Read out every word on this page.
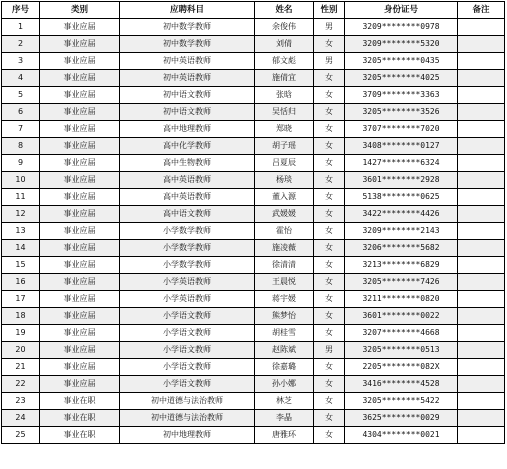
序号	类别	应聘科目	姓名	性别	身份证号	备注
1	事业应届	初中数学教师	余俊伟	男	3209********0978	
2	事业应届	初中数学教师	刘倩	女	3209********5320	
3	事业应届	初中英语教师	郁文彪	男	3205********0435	
4	事业应届	初中英语教师	施倩宜	女	3205********4025	
5	事业应届	初中语文教师	张晗	女	3709********3363	
6	事业应届	初中语文教师	吴恬归	女	3205********3526	
7	事业应届	高中地理教师	郑晓	女	3707********7020	
8	事业应届	高中化学教师	胡子瑶	女	3408********0127	
9	事业应届	高中生物教师	吕夏辰	女	1427********6324	
10	事业应届	高中英语教师	杨琰	女	3601********2928	
11	事业应届	高中英语教师	董入源	女	5138********0625	
12	事业应届	高中语文教师	武媛媛	女	3422********4426	
13	事业应届	小学数学教师	霍怡	女	3209********2143	
14	事业应届	小学数学教师	施凌薇	女	3206********5682	
15	事业应届	小学数学教师	徐清清	女	3213********6829	
16	事业应届	小学英语教师	王晨悦	女	3205********7426	
17	事业应届	小学英语教师	蒋宇媛	女	3211********0820	
18	事业应届	小学语文教师	熊梦怡	女	3601********0022	
19	事业应届	小学语文教师	胡桂雪	女	3207********4668	
20	事业应届	小学语文教师	赵陈斌	男	3205********0513	
21	事业应届	小学语文教师	徐嘉璐	女	2205********082X	
22	事业应届	小学语文教师	孙小娜	女	3416********4528	
23	事业在职	初中道德与法治教师	林芝	女	3205********5422	
24	事业在职	初中道德与法治教师	李晶	女	3625********0029	
25	事业在职	初中地理教师	唐雅环	女	4304********0021	
